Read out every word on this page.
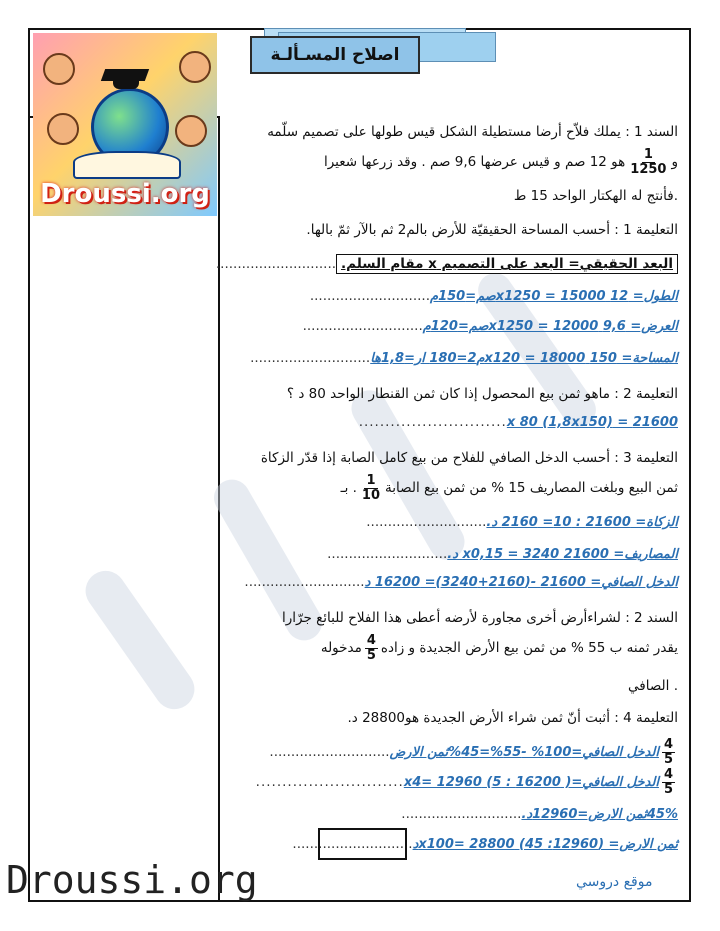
Droussi.org
اصلاح المسـألـة
السند 1 : يملك فلاّح أرضا مستطيلة الشكل قيس طولها على تصميم سلّمه
و
$\frac{1}{1250}$
هو 12 صم و قيس عرضها 9,6 صم . وقد زرعها شعيرا
.فأنتج له الهكتار الواحد 15 ط
التعليمة 1 : أحسب المساحة الحقيقيّة للأرض بالم2 ثم بالآر ثمّ بالها.
البعد الحقيقي= البعد على التصميم x مقام السلم.............................
الطول= 12 x1250 = 15000صم=150م............................
العرض= 9,6 x1250 = 12000صم=120م............................
المساحة= 150 x120 = 18000م2=180 ار=1,8ها............................
التعليمة 2 : ماهو ثمن بيع المحصول إذا كان ثمن القنطار الواحد 80 د ؟
21600 = x 80 (1,8x150)............................
التعليمة 3 : أحسب الدخل الصافي للفلاح من بيع كامل الصابة إذا قدّر الزكاة
ثمن البيع وبلغت المصاريف 15 % من ثمن بيع الصابة
$\frac{1}{10}$
. بـ
الزكاة= 21600 : 10= 2160 د.............................
المصاريف= 21600 x0,15 = 3240 د.............................
الدخل الصافي= 21600 -(2160+3240)= 16200 د............................
السند 2 : لشراءأرض أخرى مجاورة لأرضه أعطى هذا الفلاح للبائع جرّارا
يقدر ثمنه ب 55 % من ثمن بيع الأرض الجديدة و زاده
$\frac{4}{5}$
مدخوله
. الصافي
التعليمة 4 : أثبت أنّ ثمن شراء الأرض الجديدة هو28800 د.
$\frac{4}{5}$
الدخل الصافي=100% -55%=45%ثمن الارض............................
$\frac{4}{5}$
الدخل الصافي=( 16200 : 5) x4= 12960............................
45%ثمن الارض=12960د.............................
ثمن الارض= (12960: 45) x100= 28800د............................
Droussi.org	موقع دروسي
